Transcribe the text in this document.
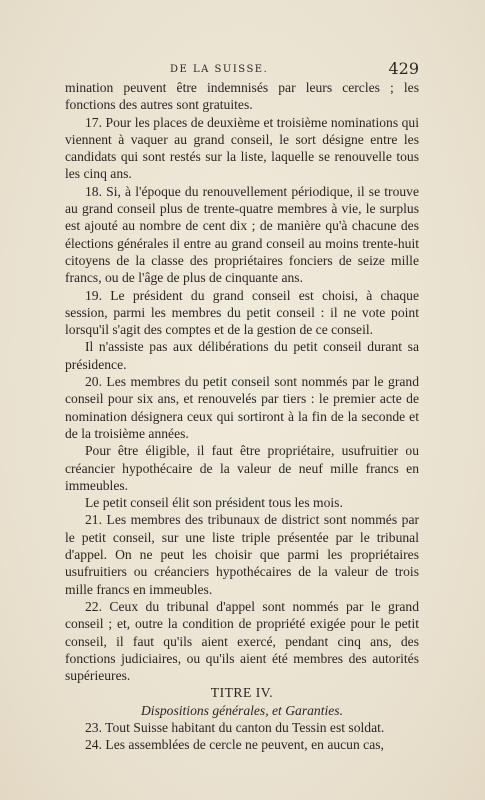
DE LA SUISSE.	429

mination peuvent être indemnisés par leurs cercles ; les fonctions des autres sont gratuites.

17. Pour les places de deuxième et troisième nominations qui viennent à vaquer au grand conseil, le sort désigne entre les candidats qui sont restés sur la liste, laquelle se renouvelle tous les cinq ans.

18. Si, à l'époque du renouvellement périodique, il se trouve au grand conseil plus de trente-quatre membres à vie, le surplus est ajouté au nombre de cent dix ; de manière qu'à chacune des élections générales il entre au grand conseil au moins trente-huit citoyens de la classe des propriétaires fonciers de seize mille francs, ou de l'âge de plus de cinquante ans.

19. Le président du grand conseil est choisi, à chaque session, parmi les membres du petit conseil : il ne vote point lorsqu'il s'agit des comptes et de la gestion de ce conseil.

Il n'assiste pas aux délibérations du petit conseil durant sa présidence.

20. Les membres du petit conseil sont nommés par le grand conseil pour six ans, et renouvelés par tiers : le premier acte de nomination désignera ceux qui sortiront à la fin de la seconde et de la troisième années.

Pour être éligible, il faut être propriétaire, usufruitier ou créancier hypothécaire de la valeur de neuf mille francs en immeubles.

Le petit conseil élit son président tous les mois.

21. Les membres des tribunaux de district sont nommés par le petit conseil, sur une liste triple présentée par le tribunal d'appel. On ne peut les choisir que parmi les propriétaires usufruitiers ou créanciers hypothécaires de la valeur de trois mille francs en immeubles.

22. Ceux du tribunal d'appel sont nommés par le grand conseil ; et, outre la condition de propriété exigée pour le petit conseil, il faut qu'ils aient exercé, pendant cinq ans, des fonctions judiciaires, ou qu'ils aient été membres des autorités supérieures.

TITRE IV.

Dispositions générales, et Garanties.

23. Tout Suisse habitant du canton du Tessin est soldat.

24. Les assemblées de cercle ne peuvent, en aucun cas,
